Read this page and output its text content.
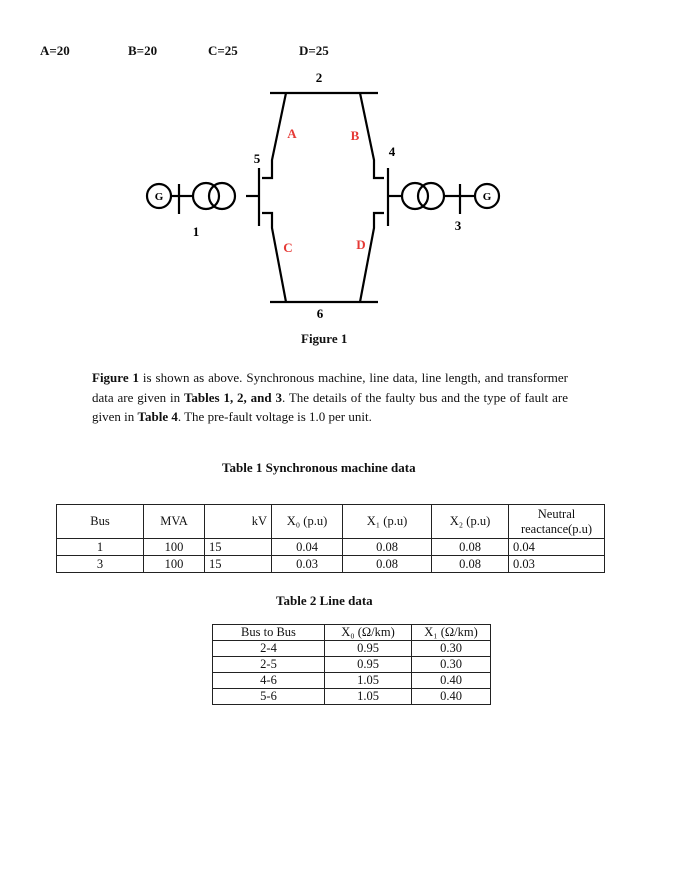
A=20	B=20	C=25	D=25
G	G
2
5	4
1	3
6
A	B
C	D
Figure 1

Figure 1 is shown as above. Synchronous machine, line data, line length, and transformer data are given in Tables 1, 2, and 3. The details of the faulty bus and the type of fault are given in Table 4. The pre-fault voltage is 1.0 per unit.

Table 1 Synchronous machine data
Bus	MVA	kV	X₀ (p.u)	X₁ (p.u)	X₂ (p.u)	Neutral reactance(p.u)
1	100	15	0.04	0.08	0.08	0.04
3	100	15	0.03	0.08	0.08	0.03
Table 2 Line data
Bus to Bus	X₀ (Ω/km)	X₁ (Ω/km)
2-4	0.95	0.30
2-5	0.95	0.30
4-6	1.05	0.40
5-6	1.05	0.40
